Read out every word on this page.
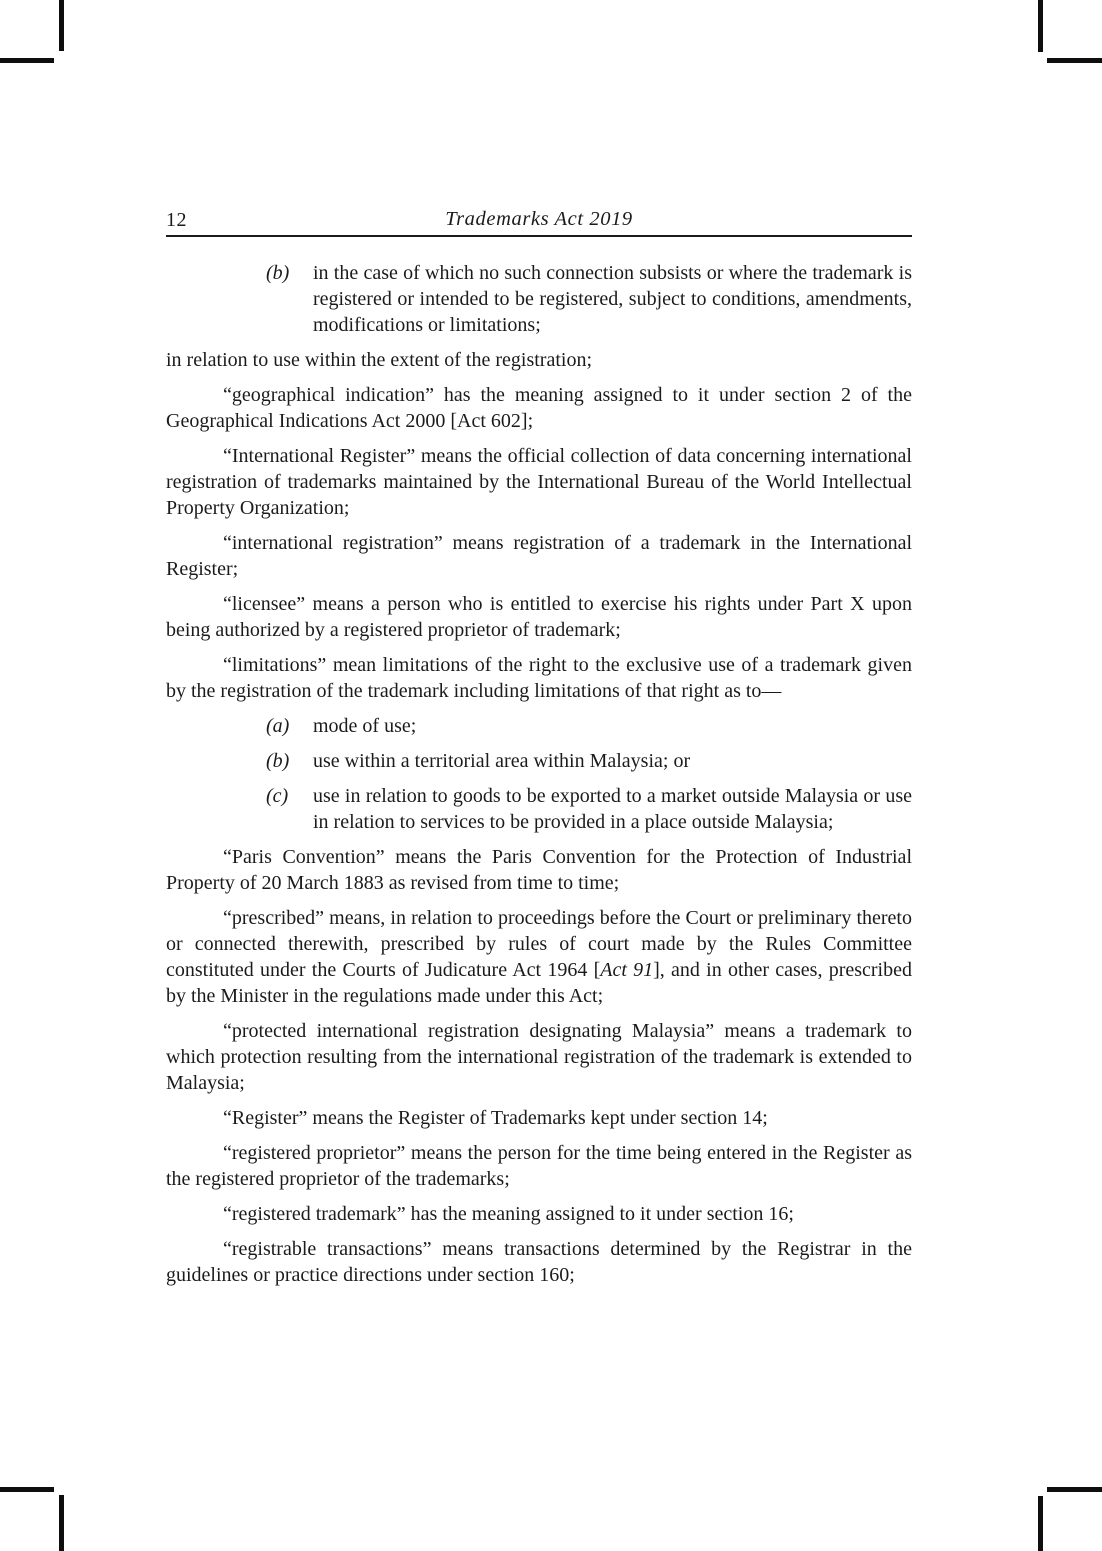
12	Trademarks Act 2019

(b) in the case of which no such connection subsists or where the trademark is registered or intended to be registered, subject to conditions, amendments, modifications or limitations;

in relation to use within the extent of the registration;

“geographical indication” has the meaning assigned to it under section 2 of the Geographical Indications Act 2000 [Act 602];

“International Register” means the official collection of data concerning international registration of trademarks maintained by the International Bureau of the World Intellectual Property Organization;

“international registration” means registration of a trademark in the International Register;

“licensee” means a person who is entitled to exercise his rights under Part X upon being authorized by a registered proprietor of trademark;

“limitations” mean limitations of the right to the exclusive use of a trademark given by the registration of the trademark including limitations of that right as to—

(a) mode of use;

(b) use within a territorial area within Malaysia; or

(c) use in relation to goods to be exported to a market outside Malaysia or use in relation to services to be provided in a place outside Malaysia;

“Paris Convention” means the Paris Convention for the Protection of Industrial Property of 20 March 1883 as revised from time to time;

“prescribed” means, in relation to proceedings before the Court or preliminary thereto or connected therewith, prescribed by rules of court made by the Rules Committee constituted under the Courts of Judicature Act 1964 [Act 91], and in other cases, prescribed by the Minister in the regulations made under this Act;

“protected international registration designating Malaysia” means a trademark to which protection resulting from the international registration of the trademark is extended to Malaysia;

“Register” means the Register of Trademarks kept under section 14;

“registered proprietor” means the person for the time being entered in the Register as the registered proprietor of the trademarks;

“registered trademark” has the meaning assigned to it under section 16;

“registrable transactions” means transactions determined by the Registrar in the guidelines or practice directions under section 160;
